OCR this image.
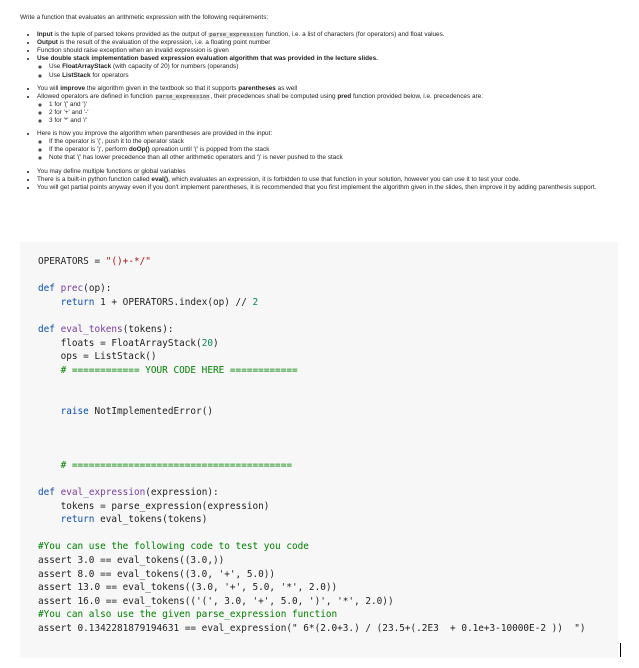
Write a function that evaluates an arithmetic expression with the following requirements:

• Input is the tuple of parsed tokens provided as the output of parse_expression function, i.e. a list of characters (for operators) and float values.
• Output is the result of the evaluation of the expression, i.e. a floating point number
• Function should raise exception when an invalid expression is given
• Use double stack implementation based expression evaluation algorithm that was provided in the lecture slides.
◦ Use FloatArrayStack (with capacity of 20) for numbers (operands)
◦ Use ListStack for operators
• You will improve the algorithm given in the textbook so that it supports parentheses as well
• Allowed operators are defined in function parse_expression, their precedences shall be computed using pred function provided below, i.e. precedences are:
◦ 1 for '(' and ')'
◦ 2 for '+' and '-'
◦ 3 for '*' and '/'
• Here is how you improve the algorithm when parentheses are provided in the input:
◦ If the operator is '(', push it to the operator stack
◦ If the operator is ')', perform doOp() opreation until '(' is popped from the stack
◦ Note that '(' has lower precedence than all other arithmetic operators and ')' is never pushed to the stack
• You may define multiple functions or global variables
• There is a built-in python function called eval(), which evaluates an expression, it is forbidden to use that function in your solution, however you can use it to test your code.
• You will get partial points anyway even if you don't implement parentheses, it is recommended that you first implement the algorithm given in the slides, then improve it by adding parenthesis support.
OPERATORS = "()+-*/"

def prec(op):
return 1 + OPERATORS.index(op) // 2

def eval_tokens(tokens):
floats = FloatArrayStack(20)
ops = ListStack()
# ============ YOUR CODE HERE ============

raise NotImplementedError()

# =======================================

def eval_expression(expression):
tokens = parse_expression(expression)
return eval_tokens(tokens)

#You can use the following code to test you code
assert 3.0 == eval_tokens((3.0,))
assert 8.0 == eval_tokens((3.0, '+', 5.0))
assert 13.0 == eval_tokens((3.0, '+', 5.0, '*', 2.0))
assert 16.0 == eval_tokens(('(', 3.0, '+', 5.0, ')', '*', 2.0))
#You can also use the given parse_expression function
assert 0.1342281879194631 == eval_expression(" 6*(2.0+3.) / (23.5+(.2E3  + 0.1e+3-10000E-2 ))  ")
